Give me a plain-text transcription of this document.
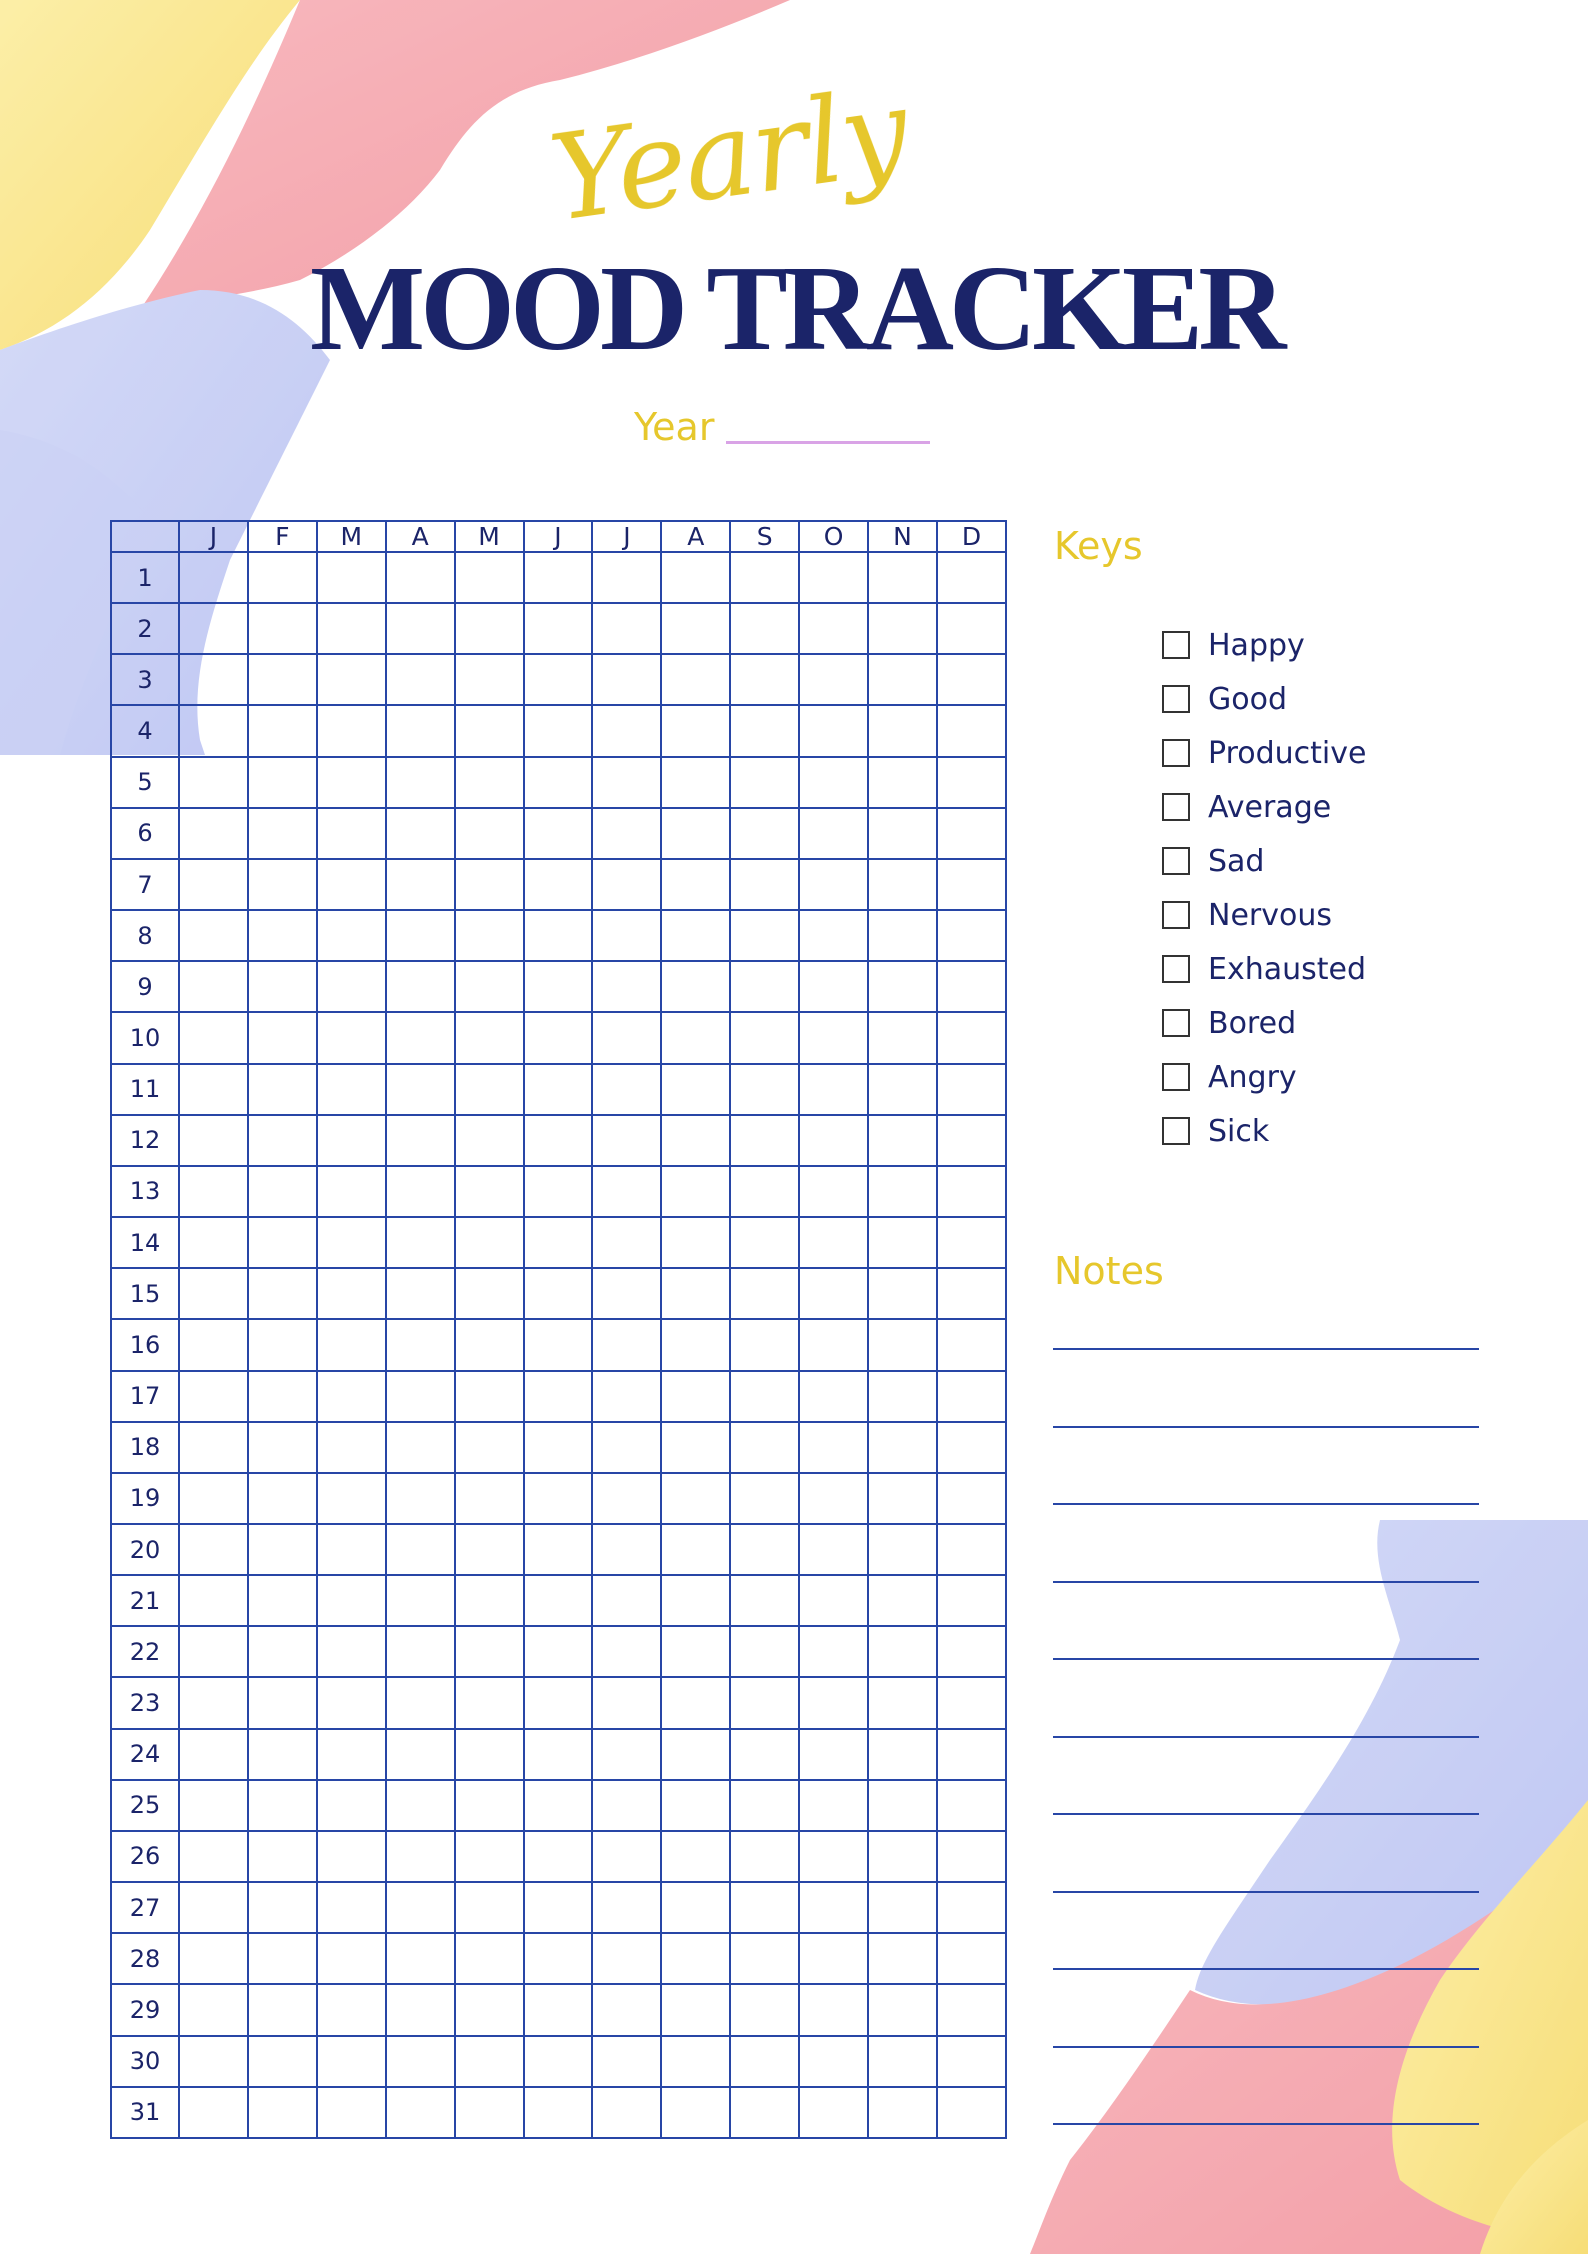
Yearly
MOOD TRACKER
Year
	J	F	M	A	M	J	J	A	S	O	N	D
1												
2												
3												
4												
5												
6												
7												
8												
9												
10												
11												
12												
13												
14												
15												
16												
17												
18												
19												
20												
21												
22												
23												
24												
25												
26												
27												
28												
29												
30												
31												
Keys
Happy
Good
Productive
Average
Sad
Nervous
Exhausted
Bored
Angry
Sick
Notes
